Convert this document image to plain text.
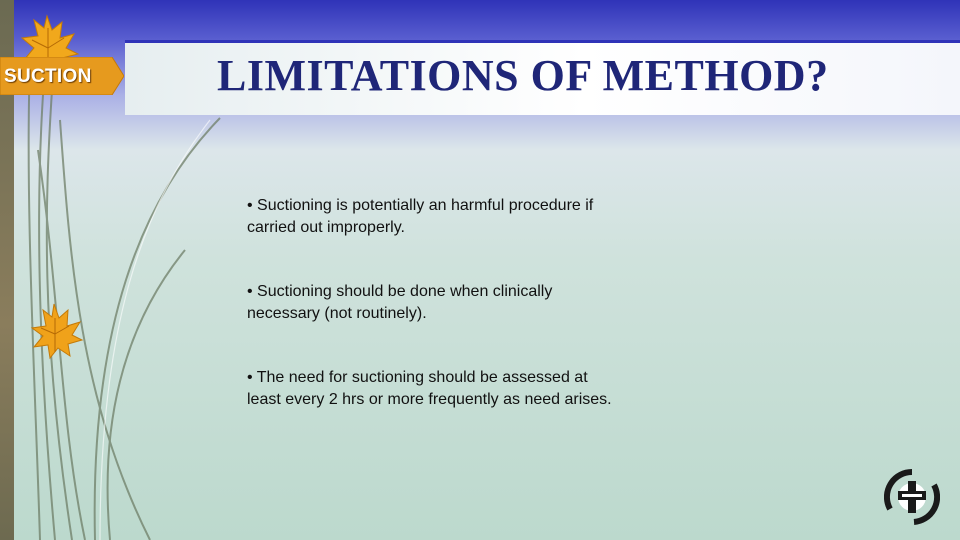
LIMITATIONS OF METHOD?
SUCTION
• Suctioning is potentially an harmful procedure if
carried out improperly.
• Suctioning should be done when clinically
necessary (not routinely).
• The need for suctioning should be assessed at
least every 2 hrs or more frequently as need arises.
